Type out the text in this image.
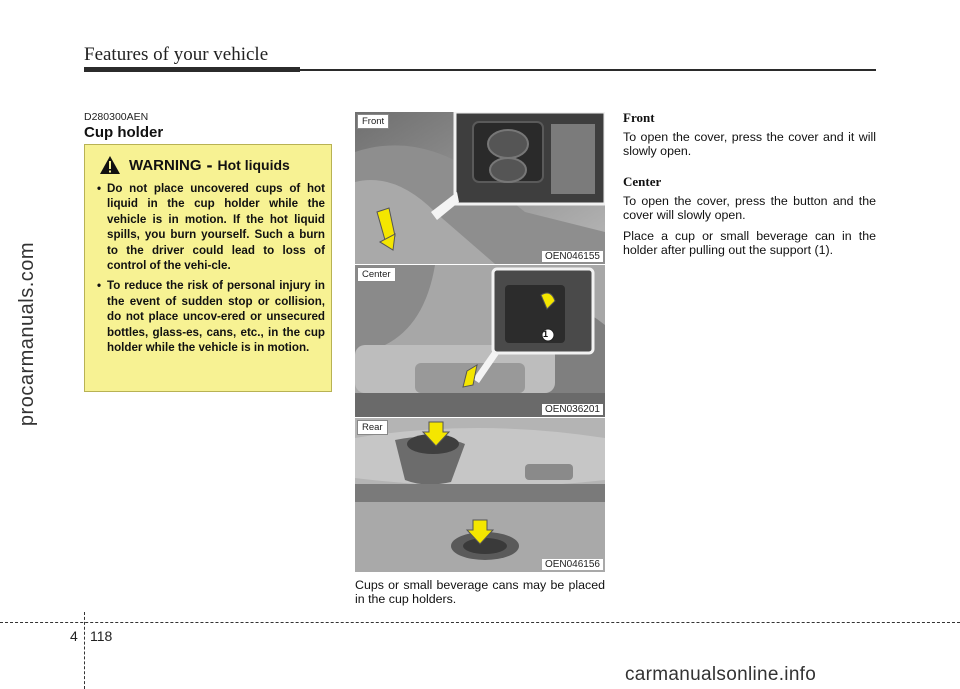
Features of your vehicle
procarmanuals.com
D280300AEN
Cup holder
WARNING - Hot liquids
• Do not place uncovered cups of hot liquid in the cup holder while the vehicle is in motion. If the hot liquid spills, you burn yourself. Such a burn to the driver could lead to loss of control of the vehi-cle.
• To reduce the risk of personal injury in the event of sudden stop or collision, do not place uncov-ered or unsecured bottles, glass-es, cans, etc., in the cup holder while the vehicle is in motion.
Front
OEN046155
Center
1
OEN036201
Rear
OEN046156
Cups or small beverage cans may be placed in the cup holders.
Front

To open the cover, press the cover and it will slowly open.

Center

To open the cover, press the button and the cover will slowly open.

Place a cup or small beverage can in the holder after pulling out the support (1).

4 118
carmanualsonline.info
